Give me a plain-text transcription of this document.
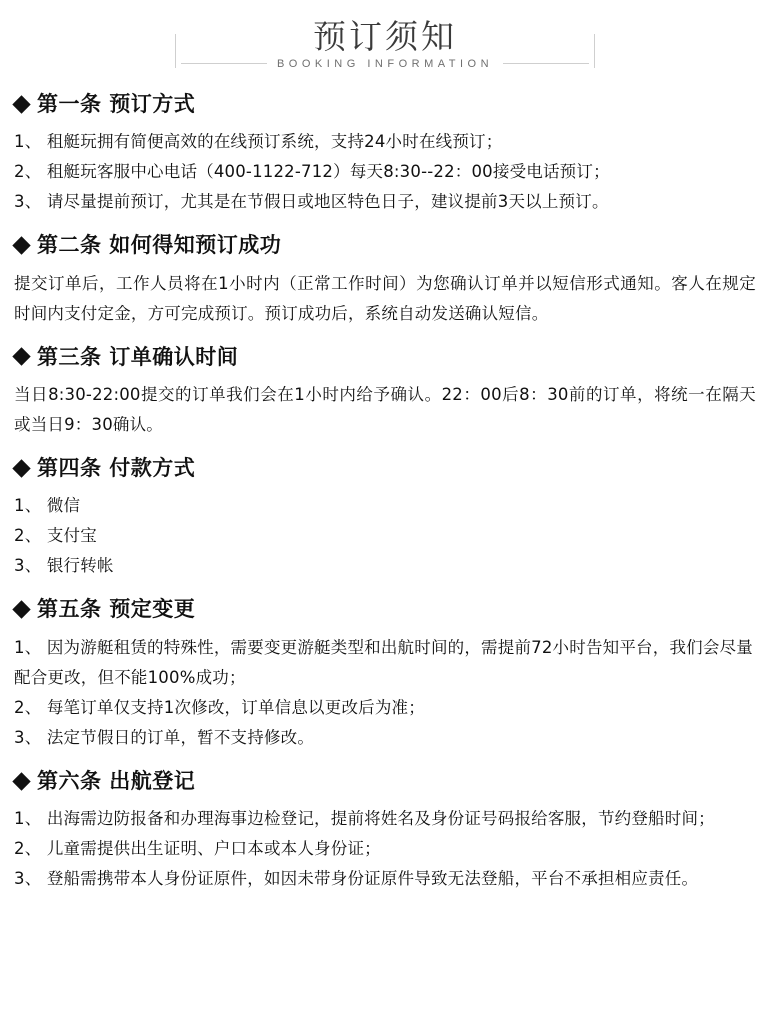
预订须知
BOOKING INFORMATION
第一条 预订方式
1、 租艇玩拥有简便高效的在线预订系统，支持24小时在线预订；
2、 租艇玩客服中心电话（400-1122-712）每天8:30--22：00接受电话预订；
3、 请尽量提前预订，尤其是在节假日或地区特色日子，建议提前3天以上预订。
第二条 如何得知预订成功

提交订单后，工作人员将在1小时内（正常工作时间）为您确认订单并以短信形式通知。客人在规定时间内支付定金，方可完成预订。预订成功后，系统自动发送确认短信。

第三条 订单确认时间

当日8:30-22:00提交的订单我们会在1小时内给予确认。22：00后8：30前的订单，将统一在隔天或当日9：30确认。

第四条 付款方式
1、 微信
2、 支付宝
3、 银行转帐
第五条 预定变更
1、 因为游艇租赁的特殊性，需要变更游艇类型和出航时间的，需提前72小时告知平台，我们会尽量配合更改，但不能100%成功；
2、 每笔订单仅支持1次修改，订单信息以更改后为准；
3、 法定节假日的订单，暂不支持修改。
第六条 出航登记
1、 出海需边防报备和办理海事边检登记，提前将姓名及身份证号码报给客服，节约登船时间；
2、 儿童需提供出生证明、户口本或本人身份证；
3、 登船需携带本人身份证原件，如因未带身份证原件导致无法登船，平台不承担相应责任。
